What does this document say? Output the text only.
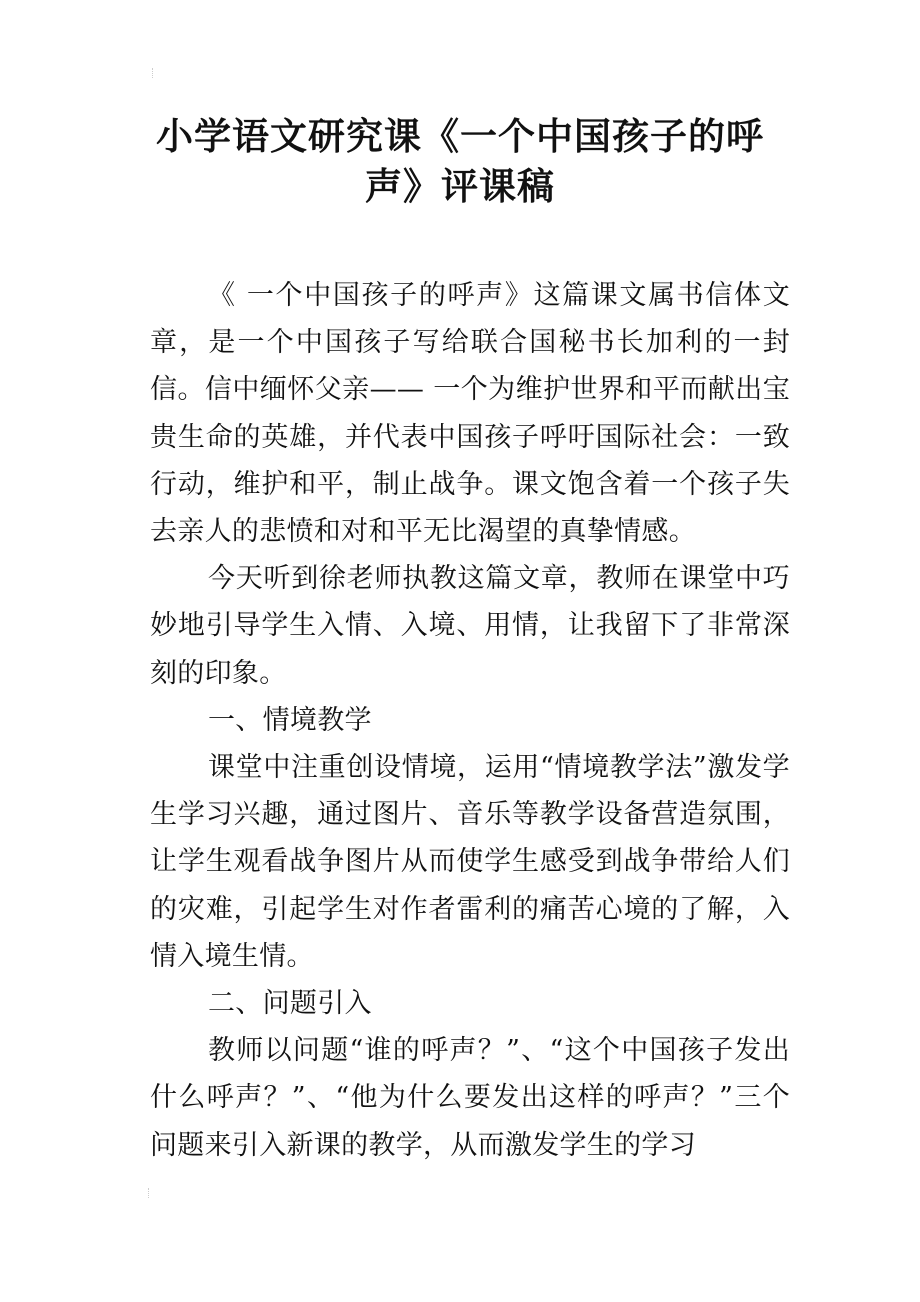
小学语文研究课《一个中国孩子的呼
声》评课稿

《 一个中国孩子的呼声》这篇课文属书信体文章，是一个中国孩子写给联合国秘书长加利的一封信。信中缅怀父亲—— 一个为维护世界和平而献出宝贵生命的英雄，并代表中国孩子呼吁国际社会：一致行动，维护和平，制止战争。课文饱含着一个孩子失去亲人的悲愤和对和平无比渴望的真挚情感。

今天听到徐老师执教这篇文章，教师在课堂中巧妙地引导学生入情、入境、用情，让我留下了非常深刻的印象。

一、情境教学

课堂中注重创设情境，运用“情境教学法”激发学生学习兴趣，通过图片、音乐等教学设备营造氛围，让学生观看战争图片从而使学生感受到战争带给人们的灾难，引起学生对作者雷利的痛苦心境的了解，入情入境生情。

二、问题引入

教师以问题“谁的呼声？”、“这个中国孩子发出什么呼声？”、“他为什么要发出这样的呼声？”三个问题来引入新课的教学，从而激发学生的学习
